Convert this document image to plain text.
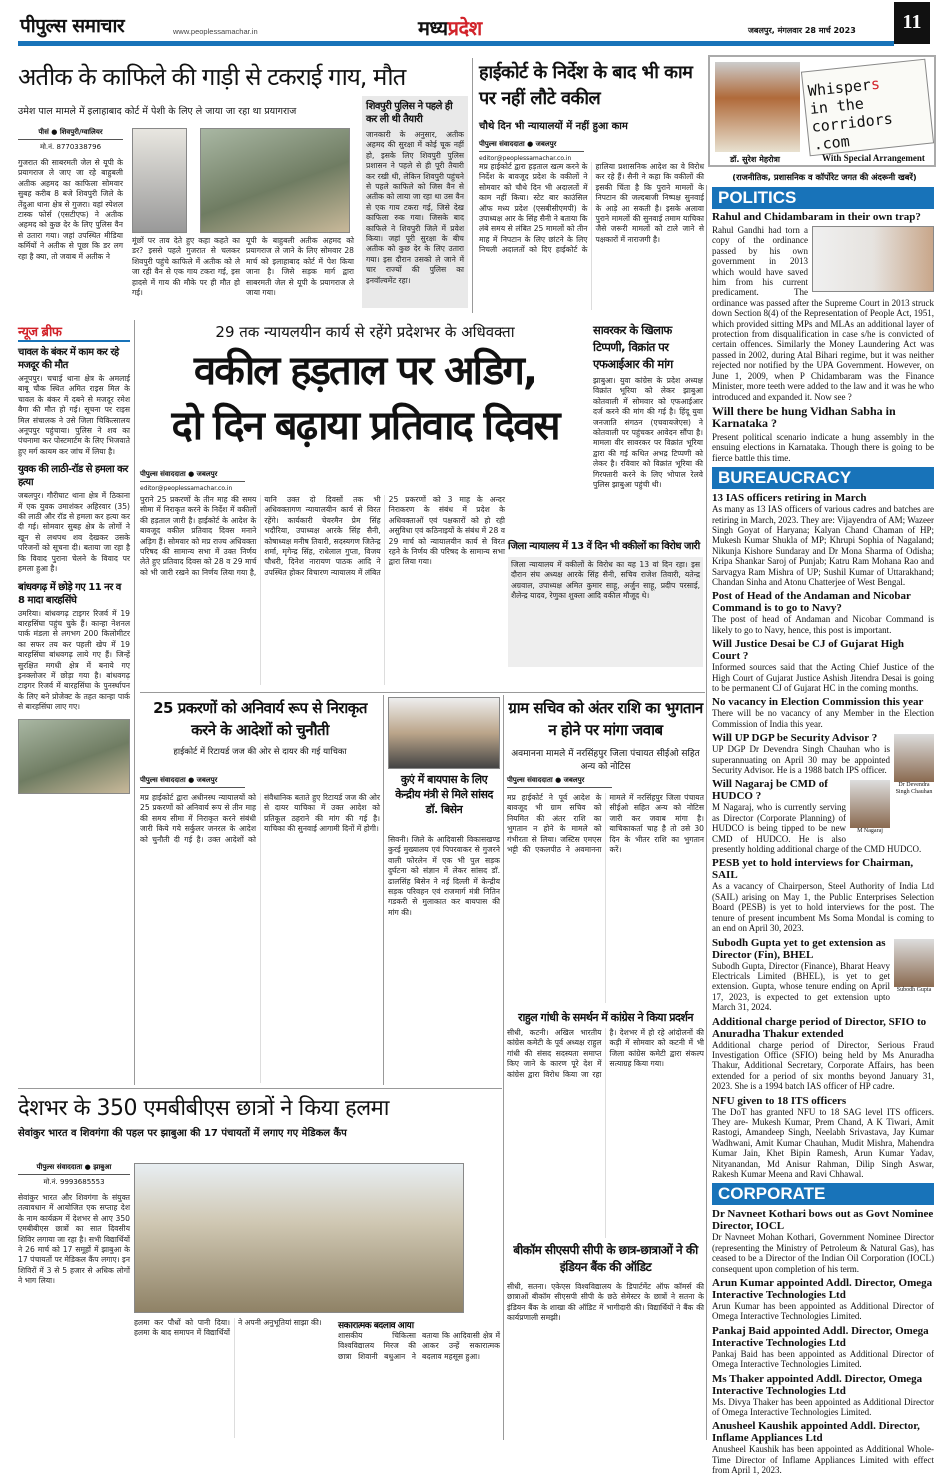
पीपुल्स समाचार	www.peoplessamachar.in	मध्यप्रदेश	जबलपुर, मंगलवार 28 मार्च 2023	11
अतीक के काफिले की गाड़ी से टकराई गाय, मौत
उमेश पाल मामले में इलाहाबाद कोर्ट में पेशी के लिए ले जाया जा रहा था प्रयागराज
पीसं ● शिवपुरी/ग्वालियर
मो.नं. 8770338796
गुजरात की साबरमती जेल से यूपी के प्रयागराज ले जाए जा रहे बाहुबली अतीक अहमद का काफिला सोमवार सुबह करीब 8 बजे शिवपुरी जिले के तेंदुआ थाना क्षेत्र से गुजरा। वहां स्पेशल टास्क फोर्स (एसटीएफ) ने अतीक अहमद को कुछ देर के लिए पुलिस वैन से उतारा गया। जहां उपस्थित मीडिया कर्मियों ने अतीक से पूछा कि डर लग रहा है क्या, तो जवाब में अतीक ने
मूंछों पर ताव देते हुए कहा कहते का डर? इससे पहले गुजरात से चलकर शिवपुरी पहुंचे काफिले में अतीक को ले जा रही वैन से एक गाय टकरा गई, इस हादसे में गाय की मौके पर ही मौत हो गई।
यूपी के बाहुबली अतीक अहमद को प्रयागराज ले जाने के लिए सोमवार 28 मार्च को इलाहाबाद कोर्ट में पेश किया जाना है। जिसे सड़क मार्ग द्वारा साबरमती जेल से यूपी के प्रयागराज ले जाया गया।
शिवपुरी पुलिस ने पहले ही कर ली थी तैयारी
जानकारी के अनुसार, अतीक अहमद की सुरक्षा में कोई चूक नहीं हो, इसके लिए शिवपुरी पुलिस प्रशासन ने पहले से ही पूरी तैयारी कर रखी थी, लेकिन शिवपुरी पहुंचने से पहले काफिले को जिस वैन से अतीक को लाया जा रहा था उस वैन से एक गाय टकरा गई, जिसे देख काफिला रुक गया। जिसके बाद काफिले ने शिवपुरी जिले में प्रवेश किया। जहां पूरी सुरक्षा के बीच अतीक को कुछ देर के लिए उतारा गया। इस दौरान उसको ले जाने में चार राज्यों की पुलिस का इनवॉल्वमेंट रहा।
हाईकोर्ट के निर्देश के बाद भी काम पर नहीं लौटे वकील
चौथे दिन भी न्यायालयों में नहीं हुआ काम
पीपुल्स संवाददाता ● जबलपुर
editor@peoplessamachar.co.in
मप्र हाईकोर्ट द्वारा हड़ताल खत्म करने के निर्देश के बावजूद प्रदेश के वकीलों ने सोमवार को चौथे दिन भी अदालतों में काम नहीं किया। स्टेट बार काउंसिल ऑफ मध्य प्रदेश (एसबीसीएमपी) के उपाध्यक्ष आर के सिंह सैनी ने बताया कि लंबे समय से लंबित 25 मामलों को तीन माह में निपटान के लिए छांटने के लिए निचली अदालतों को दिए हाईकोर्ट के हालिया प्रशासनिक आदेश का वे विरोध कर रहे हैं। सैनी ने कहा कि वकीलों की इसकी चिंता है कि पुराने मामलों के निपटान की जल्दबाजी निष्पक्ष सुनवाई के आड़े आ सकती है। इसके अलावा पुराने मामलों की सुनवाई तमाम याचिका जैसे जरूरी मामलों को टाले जाने से पक्षकारों में नाराजगी है।
Whispers
in the corridors
.com
डॉ. सुरेश मेहरोत्रा	With Special Arrangement
(राजनीतिक, प्रशासनिक व कॉर्पोरेट जगत की अंदरूनी खबरें)
POLITICS
Rahul and Chidambaram in their own trap?
Rahul Gandhi had torn a copy of the ordinance passed by his own government in 2013 which would have saved him from his current predicament. The ordinance was passed after the Supreme Court in 2013 struck down Section 8(4) of the Representation of People Act, 1951, which provided sitting MPs and MLAs an additional layer of protection from disqualification in case s/he is convicted of certain offences. Similarly the Money Laundering Act was passed in 2002, during Atal Bihari regime, but it was neither rejected nor notified by the UPA Government. However, on June 1, 2009, when P Chidambaram was the Finance Minister, more teeth were added to the law and it was he who introduced and expanded it. Now see ?
Will there be hung Vidhan Sabha in Karnataka ?
Present political scenario indicate a hung assembly in the ensuing elections in Karnataka. Though there is going to be fierce battle this time.
BUREAUCRACY
13 IAS officers retiring in March
As many as 13 IAS officers of various cadres and batches are retiring in March, 2023. They are: Vijayendra of AM; Wazeer Singh Goyat of Haryana; Kalyan Chand Chaman of HP; Mukesh Kumar Shukla of MP; Khrupi Sophia of Nagaland; Nikunja Kishore Sundaray and Dr Mona Sharma of Odisha; Kripa Shankar Saroj of Punjab; Katru Ram Mohana Rao and Sarvagya Ram Mishra of UP; Sushil Kumar of Uttarakhand; Chandan Sinha and Atonu Chatterjee of West Bengal.
Post of Head of the Andaman and Nicobar Command is to go to Navy?
The post of head of Andaman and Nicobar Command is likely to go to Navy, hence, this post is important.
Will Justice Desai be CJ of Gujarat High Court ?
Informed sources said that the Acting Chief Justice of the High Court of Gujarat Justice Ashish Jitendra Desai is going to be permanent CJ of Gujarat HC in the coming months.
No vacancy in Election Commission this year
There will be no vacancy of any Member in the Election Commission of India this year.
Dr Devendra Singh Chauhan
Will UP DGP be Security Advisor ?
UP DGP Dr Devendra Singh Chauhan who is superannuating on April 30 may be appointed Security Advisor. He is a 1988 batch IPS officer.
M Nagaraj
Will Nagaraj be CMD of HUDCO ?
M Nagaraj, who is currently serving as Director (Corporate Planning) of HUDCO is being tipped to be new CMD of HUDCO. He is also presently holding additional charge of the CMD HUDCO.
PESB yet to hold interviews for Chairman, SAIL
As a vacancy of Chairperson, Steel Authority of India Ltd (SAIL) arising on May 1, the Public Enterprises Selection Board (PESB) is yet to hold interviews for the post. The tenure of present incumbent Ms Soma Mondal is coming to an end on April 30, 2023.
Subodh Gupta
Subodh Gupta yet to get extension as Director (Fin), BHEL
Subodh Gupta, Director (Finance), Bharat Heavy Electricals Limited (BHEL), is yet to get extension. Gupta, whose tenure ending on April 17, 2023, is expected to get extension upto March 31, 2024.
Additional charge period of Director, SFIO to Anuradha Thakur extended
Additional charge period of Director, Serious Fraud Investigation Office (SFIO) being held by Ms Anuradha Thakur, Additional Secretary, Corporate Affairs, has been extended for a period of six months beyond January 31, 2023. She is a 1994 batch IAS officer of HP cadre.
NFU given to 18 ITS officers
The DoT has granted NFU to 18 SAG level ITS officers. They are- Mukesh Kumar, Prem Chand, A K Tiwari, Amit Rastogi, Amandeep Singh, Neelabh Srivastava, Jay Kumar Wadhwani, Amit Kumar Chauhan, Mudit Mishra, Mahendra Kumar Jain, Khet Bipin Ramesh, Arun Kumar Yadav, Nityanandan, Md Anisur Rahman, Dilip Singh Aswar, Rakesh Kumar Meena and Ravi Chhawal.
CORPORATE
Dr Navneet Kothari bows out as Govt Nominee Director, IOCL
Dr Navneet Mohan Kothari, Government Nominee Director (representing the Ministry of Petroleum & Natural Gas), has ceased to be a Director of the Indian Oil Corporation (IOCL) consequent upon completion of his term.
Arun Kumar appointed Addl. Director, Omega Interactive Technologies Ltd
Arun Kumar has been appointed as Additional Director of Omega Interactive Technologies Limited.
Pankaj Baid appointed Addl. Director, Omega Interactive Technologies Ltd
Pankaj Baid has been appointed as Additional Director of Omega Interactive Technologies Limited.
Ms Thaker appointed Addl. Director, Omega Interactive Technologies Ltd
Ms. Divya Thaker has been appointed as Additional Director of Omega Interactive Technologies Limited.
Anusheel Kaushik appointed Addl. Director, Inflame Appliances Ltd
Anusheel Kaushik has been appointed as Additional Whole-Time Director of Inflame Appliances Limited with effect from April 1, 2023.
न्यूज ब्रीफ
चावल के बंकर में काम कर रहे मजदूर की मौत
अनूपपुर। चचाई थाना क्षेत्र के अमलाई बाबू चौक स्थित अमित राइस मिल के चावल के बंकर में दबने से मजदूर रमेश बैगा की मौत हो गई। सूचना पर राइस मिल संचालक ने उसे जिला चिकित्सालय अनूपपुर पहुंचाया। पुलिस ने शव का पंचनामा कर पोस्टमार्टम के लिए भिजवाते हुए मर्ग कायम कर जांच में लिया है।
युवक की लाठी-रॉड से हमला कर हत्या
जबलपुर। गौरीघाट थाना क्षेत्र में ठिकाना में एक युवक उमाशंकर अहिरवार (35) की लाठी और रॉड से हमला कर हत्या कर दी गई। सोमवार सुबह क्षेत्र के लोगों ने खून से लथपथ शव देखकर उसके परिजनों को सूचना दी। बताया जा रहा है कि विवाद पुराना चेलने के विवाद पर हमला हुआ है।
बांधवगढ़ में छोड़े गए 11 नर व 8 मादा बारहसिंघे
उमरिया। बांधवगढ़ टाइगर रिजर्व में 19 बारहसिंघा पहुंच चुके हैं। कान्हा नेशनल पार्क मंडला से लगभग 200 किलोमीटर का सफर तय कर पहली खेप में 19 बारहसिंघा बांधवगढ़ लाये गए हैं। जिन्हें सुरक्षित मगधी क्षेत्र में बनाये गए इनक्लोजर में छोड़ा गया है। बांधवगढ़ टाइगर रिजर्व में बारहसिंघा के पुनर्स्थापन के लिए बने प्रोजेक्ट के तहत कान्हा पार्क से बारहसिंघा लाए गए।
29 तक न्यायलयीन कार्य से रहेंगे प्रदेशभर के अधिवक्ता
वकील हड़ताल पर अडिग,
दो दिन बढ़ाया प्रतिवाद दिवस
पीपुल्स संवाददाता ● जबलपुर
editor@peoplessamachar.co.in
पुराने 25 प्रकरणों के तीन माह की समय सीमा में निराकृत करने के निर्देश में वकीलों की हड़ताल जारी है। हाईकोर्ट के आदेश के बावजूद वकील प्रतिवाद दिवस मनाने अड़िग हैं। सोमवार को मप्र राज्य अधिवक्ता परिषद की सामान्य सभा में उक्त निर्णय लेते हुए प्रतिवाद दिवस को 28 व 29 मार्च को भी जारी रखने का निर्णय लिया गया है, यानि उक्त दो दिवसों तक भी अधिवक्तागण न्यायालयीन कार्य से विरत रहेंगे। कार्यकारी चेयरमैन प्रेम सिंह भदौरिया, उपाध्यक्ष आरके सिंह सैनी, कोषाध्यक्ष मनीष तिवारी, सदस्यगण जितेन्द्र शर्मा, मृगेन्द्र सिंह, राधेलाल गुप्ता, विजय चौधरी, दिनेश नारायण पाठक आदि ने उपस्थित होकर विचारण न्यायालय में लंबित 25 प्रकरणों को 3 माह के अन्दर निराकरण के संबंध में प्रदेश के अधिवक्ताओं एवं पक्षकारों को हो रही असुविधा एवं कठिनाइयों के संबंध में 28 व 29 मार्च को न्यायालयीन कार्य से विरत रहने के निर्णय की परिषद के सामान्य सभा द्वारा लिया गया।
जिला न्यायालय में 13 वें दिन भी वकीलों का विरोध जारी
जिला न्यायालय में वकीलों के विरोध का यह 13 वां दिन रहा। इस दौरान संघ अध्यक्ष आरके सिंह सैनी, सचिव राजेश तिवारी, यतेन्द्र अग्रवाल, उपाध्यक्ष अमित कुमार साहू, अर्जुन साहू, प्रदीप परसाई, शैलेन्द्र यादव, रेणुका शुक्ला आदि वकील मौजूद थे।
सावरकर के खिलाफ टिप्पणी, विक्रांत पर एफआईआर की मांग
झाबुआ। युवा कांग्रेस के प्रदेश अध्यक्ष विक्रांत भूरिया को लेकर झाबुआ कोतवाली में सोमवार को एफआईआर दर्ज करने की मांग की गई है। हिंदू युवा जनजाति संगठन (एचवायजेएस) ने कोतवाली पर पहुंचकर आवेदन सौंपा है। मामला वीर सावरकर पर विक्रांत भूरिया द्वारा की गई कथित अभद्र टिप्पणी को लेकर है। रविवार को विक्रांत भूरिया की गिरफ्तारी करने के लिए भोपाल रेलवे पुलिस झाबुआ पहुंची थी।
25 प्रकरणों को अनिवार्य रूप से निराकृत करने के आदेशों को चुनौती
हाईकोर्ट में रिटायर्ड जज की ओर से दायर की गई याचिका
पीपुल्स संवाददाता ● जबलपुर
मप्र हाईकोर्ट द्वारा अधीनस्थ न्यायालयों को 25 प्रकरणों को अनिवार्य रूप से तीन माह की समय सीमा में निराकृत करने संबंधी जारी किये गये सर्कुलर जनरल के आदेश को चुनौती दी गई है। उक्त आदेशों को संवैधानिक बताते हुए रिटायर्ड जज की ओर से दायर याचिका में उक्त आदेश को प्रतिकूल ठहराने की मांग की गई है। याचिका की सुनवाई आगामी दिनों में होगी।
कुएं में बायपास के लिए केन्द्रीय मंत्री से मिले सांसद डॉ. बिसेन
सिवनी। जिले के आदिवासी विकासखण्ड कुरई मुख्यालय एवं पिपरवाकर से गुजरने वाली फोरलेन में एक भी पुल सड़क दुर्घटना को संज्ञान में लेकर सांसद डॉ. ढालसिंह बिसेन ने नई दिल्ली में केन्द्रीय सड़क परिवहन एवं राजमार्ग मंत्री नितिन गडकरी से मुलाकात कर बायपास की मांग की।
ग्राम सचिव को अंतर राशि का भुगतान न होने पर मांगा जवाब
अवमानना मामले में नरसिंहपुर जिला पंचायत सीईओ सहित अन्य को नोटिस
पीपुल्स संवाददाता ● जबलपुर
मप्र हाईकोर्ट ने पूर्व आदेश के बावजूद भी ग्राम सचिव को नियमित की अंतर राशि का भुगतान न होने के मामले को गंभीरता से लिया। जस्टिस एमएस भट्टी की एकलपीठ ने अवमानना मामले में नरसिंहपुर जिला पंचायत सीईओ सहित अन्य को नोटिस जारी कर जवाब मांगा है। याचिकाकर्ता चाह है तो उसे 30 दिन के भीतर राशि का भुगतान करें।
राहुल गांधी के समर्थन में कांग्रेस ने किया प्रदर्शन
सीधी, कटनी। अखिल भारतीय कांग्रेस कमेटी के पूर्व अध्यक्ष राहुल गांधी की संसद सदस्यता समाप्त किए जाने के कारण पूरे देश में कांग्रेस द्वारा विरोध किया जा रहा है। देशभर में हो रहे आंदोलनों की कड़ी में सोमवार को कटनी में भी जिला कांग्रेस कमेटी द्वारा संकल्प सत्याग्रह किया गया।
बीकॉम सीएसपी सीपी के छात्र-छात्राओं ने की इंडियन बैंक की ऑडिट
सीधी, सतना। एकेएस विश्वविद्यालय के डिपार्टमेंट ऑफ कॉमर्स की छात्राओं बीकॉम सीएसपी सीपी के छठे सेमेस्टर के छात्रों ने सतना के इंडियन बैंक के शाखा की ऑडिट में भागीदारी की। विद्यार्थियों ने बैंक की कार्यप्रणाली समझी।
देशभर के 350 एमबीबीएस छात्रों ने किया हलमा
सेवांकुर भारत व शिवगंगा की पहल पर झाबुआ की 17 पंचायतों में लगाए गए मेडिकल कैंप
पीपुल्स संवाददाता ● झाबुआ
मो.नं. 9993685553
सेवांकुर भारत और शिवगंगा के संयुक्त तत्वावधान में आयोजित एक सप्ताह देश के नाम कार्यक्रम में देशभर से आए 350 एमबीबीएस छात्रों का सात दिवसीय शिविर लगाया जा रहा है। सभी विद्यार्थियों ने 26 मार्च को 17 समूहों में झाबुआ के 17 पंचायतों पर मेडिकल कैंप लगाए। इन शिविरों में 3 से 5 हजार से अधिक लोगों ने भाग लिया।
हलमा कर पौधों को पानी दिया। हलमा के बाद समापन में विद्यार्थियों ने अपनी अनुभूतियां साझा की।	सकारात्मक बदलाव आया
शासकीय चिकित्सा विश्वविद्यालय मिरज की छात्रा शिवानी बधुआन ने बताया कि आदिवासी क्षेत्र में आकर उन्हें सकारात्मक बदलाव महसूस हुआ।
